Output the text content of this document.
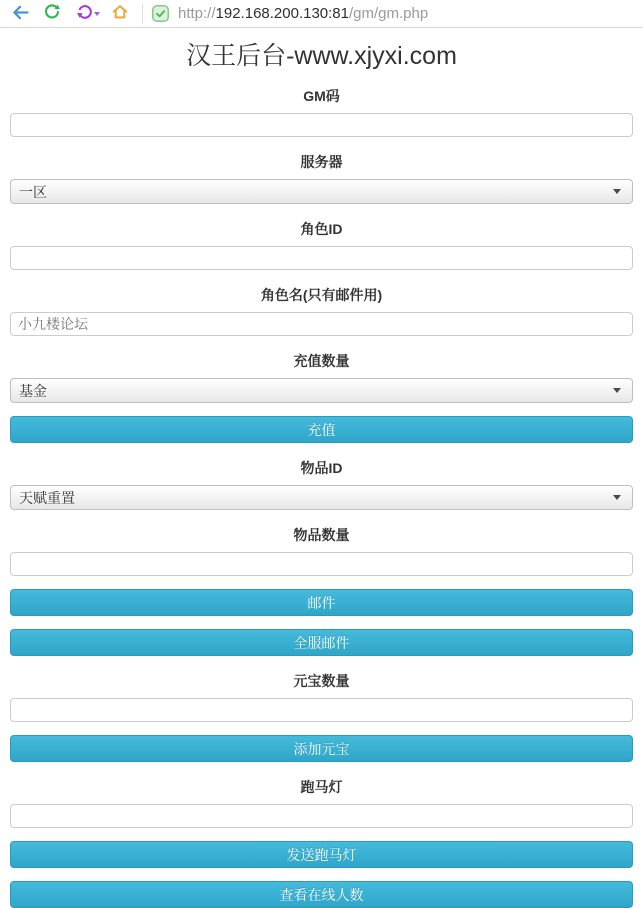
http://192.168.200.130:81/gm/gm.php
汉王后台-www.xjyxi.com
GM码
服务器
一区
角色ID
角色名(只有邮件用)
小九楼论坛
充值数量
基金
充值
物品ID
天赋重置
物品数量
邮件
全服邮件
元宝数量
添加元宝
跑马灯
发送跑马灯
查看在线人数
